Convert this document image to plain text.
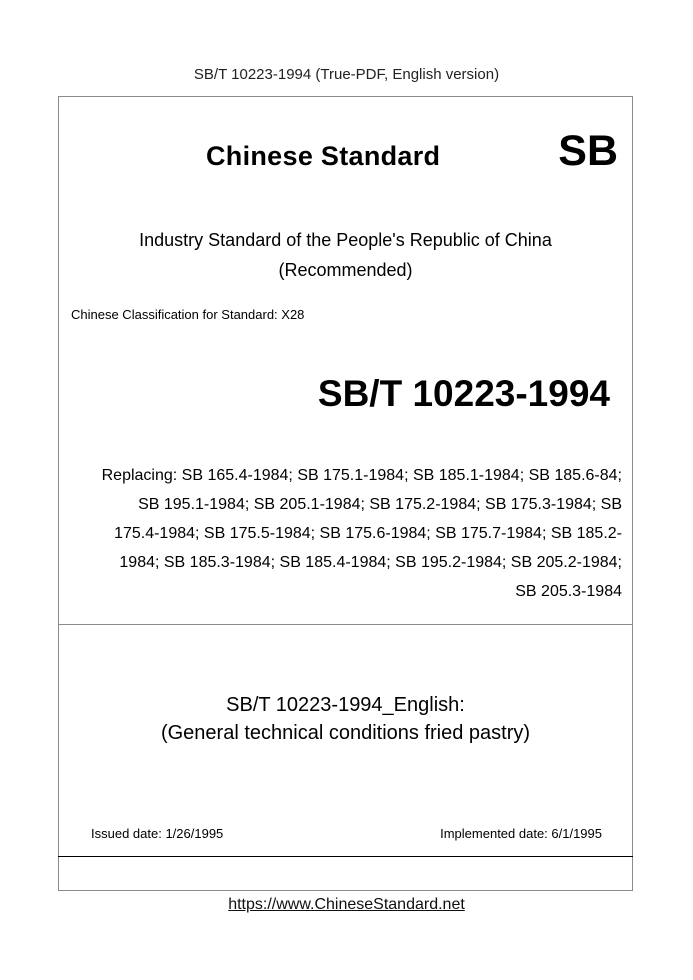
SB/T 10223-1994 (True-PDF, English version)
Chinese Standard	SB
Industry Standard of the People's Republic of China
(Recommended)
Chinese Classification for Standard: X28
SB/T 10223-1994
Replacing: SB 165.4-1984; SB 175.1-1984; SB 185.1-1984; SB 185.6-84;
SB 195.1-1984; SB 205.1-1984; SB 175.2-1984; SB 175.3-1984; SB
175.4-1984; SB 175.5-1984; SB 175.6-1984; SB 175.7-1984; SB 185.2-
1984; SB 185.3-1984; SB 185.4-1984; SB 195.2-1984; SB 205.2-1984;
SB 205.3-1984
SB/T 10223-1994_English:
(General technical conditions fried pastry)
Issued date: 1/26/1995	Implemented date: 6/1/1995
https://www.ChineseStandard.net
